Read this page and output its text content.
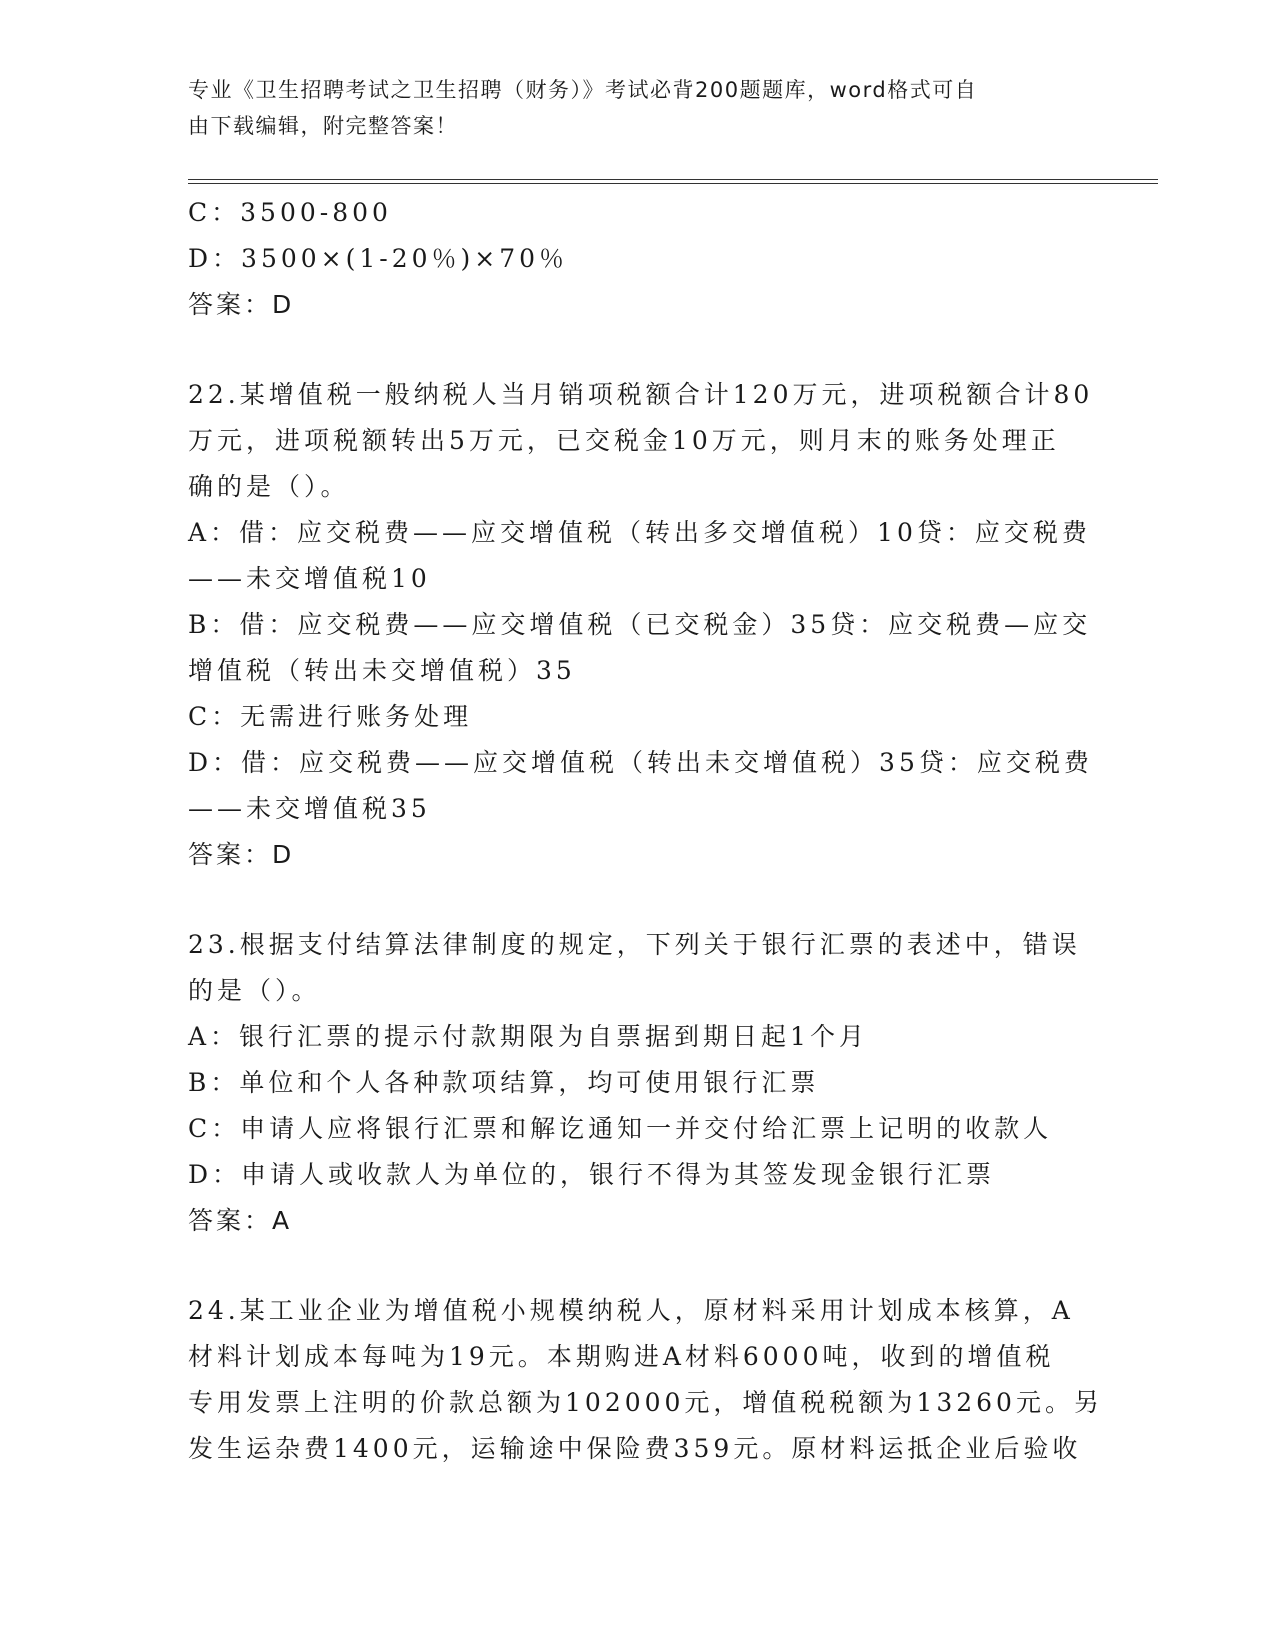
专业《卫生招聘考试之卫生招聘（财务）》考试必背200题题库，word格式可自
由下载编辑，附完整答案！
C：3500-800
D：3500×(1-20％)×70％
答案：D
22.某增值税一般纳税人当月销项税额合计120万元，进项税额合计80
万元，进项税额转出5万元，已交税金10万元，则月末的账务处理正
确的是（）。
A：借：应交税费——应交增值税（转出多交增值税）10贷：应交税费
——未交增值税10
B：借：应交税费——应交增值税（已交税金）35贷：应交税费—应交
增值税（转出未交增值税）35
C：无需进行账务处理
D：借：应交税费——应交增值税（转出未交增值税）35贷：应交税费
——未交增值税35
答案：D
23.根据支付结算法律制度的规定，下列关于银行汇票的表述中，错误
的是（）。
A：银行汇票的提示付款期限为自票据到期日起1个月
B：单位和个人各种款项结算，均可使用银行汇票
C：申请人应将银行汇票和解讫通知一并交付给汇票上记明的收款人
D：申请人或收款人为单位的，银行不得为其签发现金银行汇票
答案：A
24.某工业企业为增值税小规模纳税人，原材料采用计划成本核算，A
材料计划成本每吨为19元。本期购进A材料6000吨，收到的增值税
专用发票上注明的价款总额为102000元，增值税税额为13260元。另
发生运杂费1400元，运输途中保险费359元。原材料运抵企业后验收
